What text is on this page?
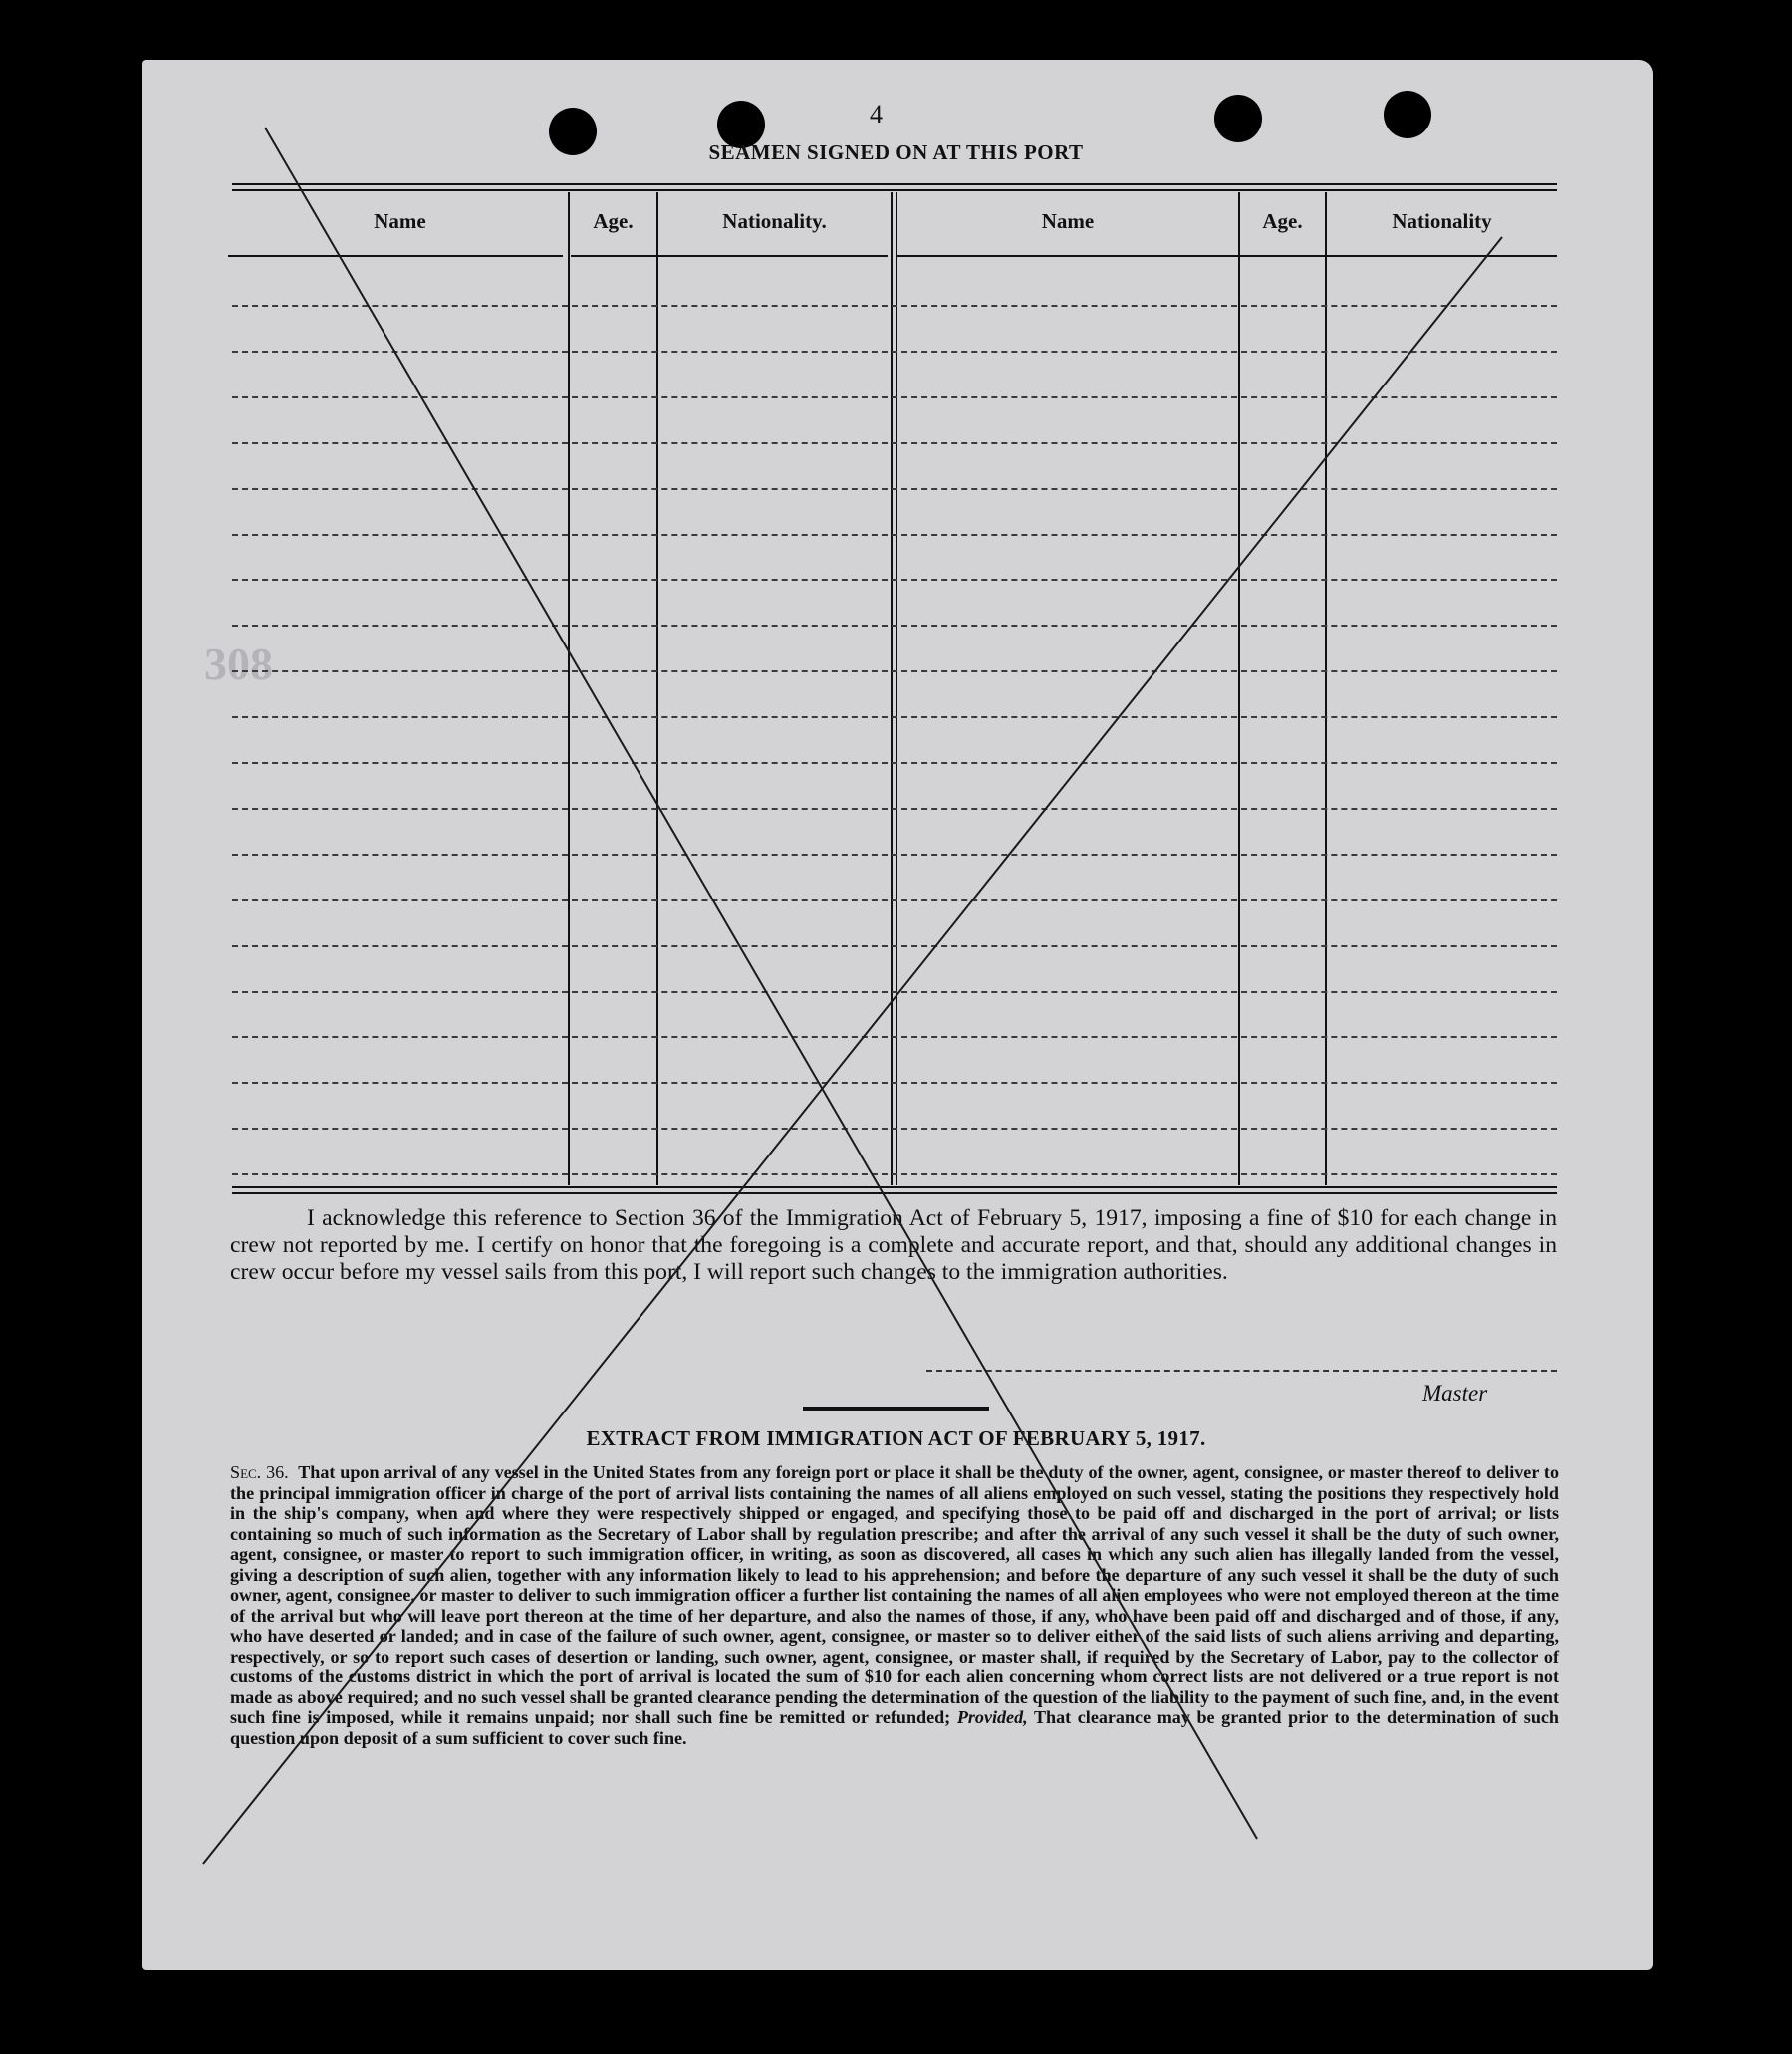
4
SEAMEN SIGNED ON AT THIS PORT
308
Name	Age.	Nationality.	Name	Age.	Nationality
I acknowledge this reference to Section 36 of the Immigration Act of February 5, 1917, imposing a fine of $10 for each change in crew not reported by me. I certify on honor that the foregoing is a complete and accurate report, and that, should any additional changes in crew occur before my vessel sails from this port, I will report such changes to the immigration authorities.
Master
EXTRACT FROM IMMIGRATION ACT OF FEBRUARY 5, 1917.
Sec. 36. That upon arrival of any vessel in the United States from any foreign port or place it shall be the duty of the owner, agent, consignee, or master thereof to deliver to the principal immigration officer in charge of the port of arrival lists containing the names of all aliens employed on such vessel, stating the positions they respectively hold in the ship's company, when and where they were respectively shipped or engaged, and specifying those to be paid off and discharged in the port of arrival; or lists containing so much of such information as the Secretary of Labor shall by regulation prescribe; and after the arrival of any such vessel it shall be the duty of such owner, agent, consignee, or master to report to such immigration officer, in writing, as soon as discovered, all cases in which any such alien has illegally landed from the vessel, giving a description of such alien, together with any information likely to lead to his apprehension; and before the departure of any such vessel it shall be the duty of such owner, agent, consignee, or master to deliver to such immigration officer a further list containing the names of all alien employees who were not employed thereon at the time of the arrival but who will leave port thereon at the time of her departure, and also the names of those, if any, who have been paid off and discharged and of those, if any, who have deserted or landed; and in case of the failure of such owner, agent, consignee, or master so to deliver either of the said lists of such aliens arriving and departing, respectively, or so to report such cases of desertion or landing, such owner, agent, consignee, or master shall, if required by the Secretary of Labor, pay to the collector of customs of the customs district in which the port of arrival is located the sum of $10 for each alien concerning whom correct lists are not delivered or a true report is not made as above required; and no such vessel shall be granted clearance pending the determination of the question of the liability to the payment of such fine, and, in the event such fine is imposed, while it remains unpaid; nor shall such fine be remitted or refunded; Provided, That clearance may be granted prior to the determination of such question upon deposit of a sum sufficient to cover such fine.
